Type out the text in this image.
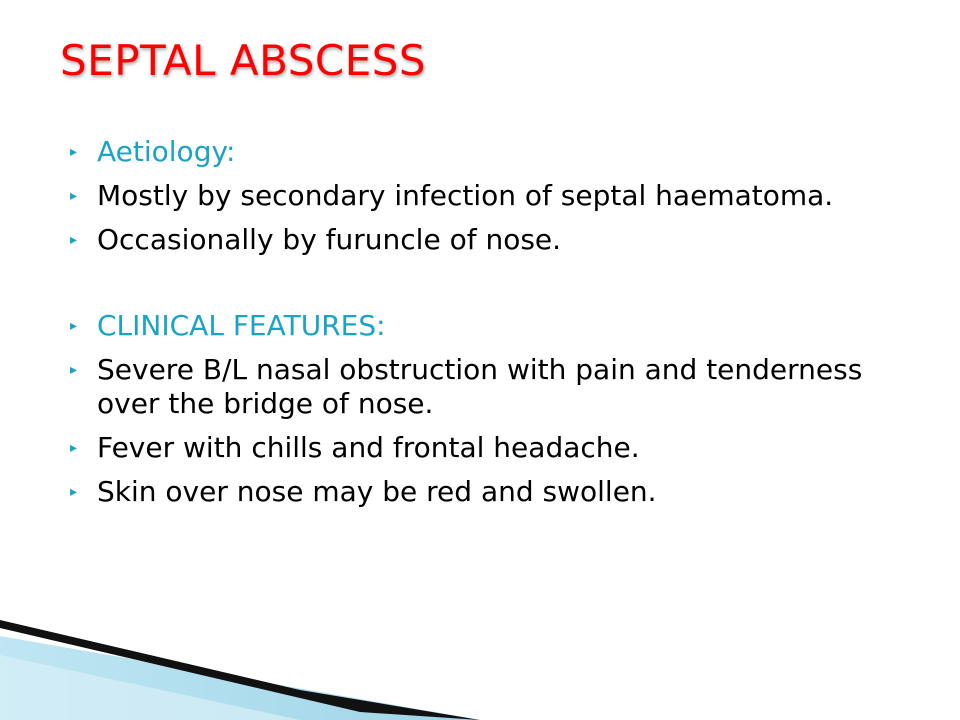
SEPTAL ABSCESS
▸ Aetiology:
▸ Mostly by secondary infection of septal haematoma.
▸ Occasionally by furuncle of nose.
▸ CLINICAL FEATURES:
▸ Severe B/L nasal obstruction with pain and tenderness over the bridge of nose.
▸ Fever with chills and frontal headache.
▸ Skin over nose may be red and swollen.
